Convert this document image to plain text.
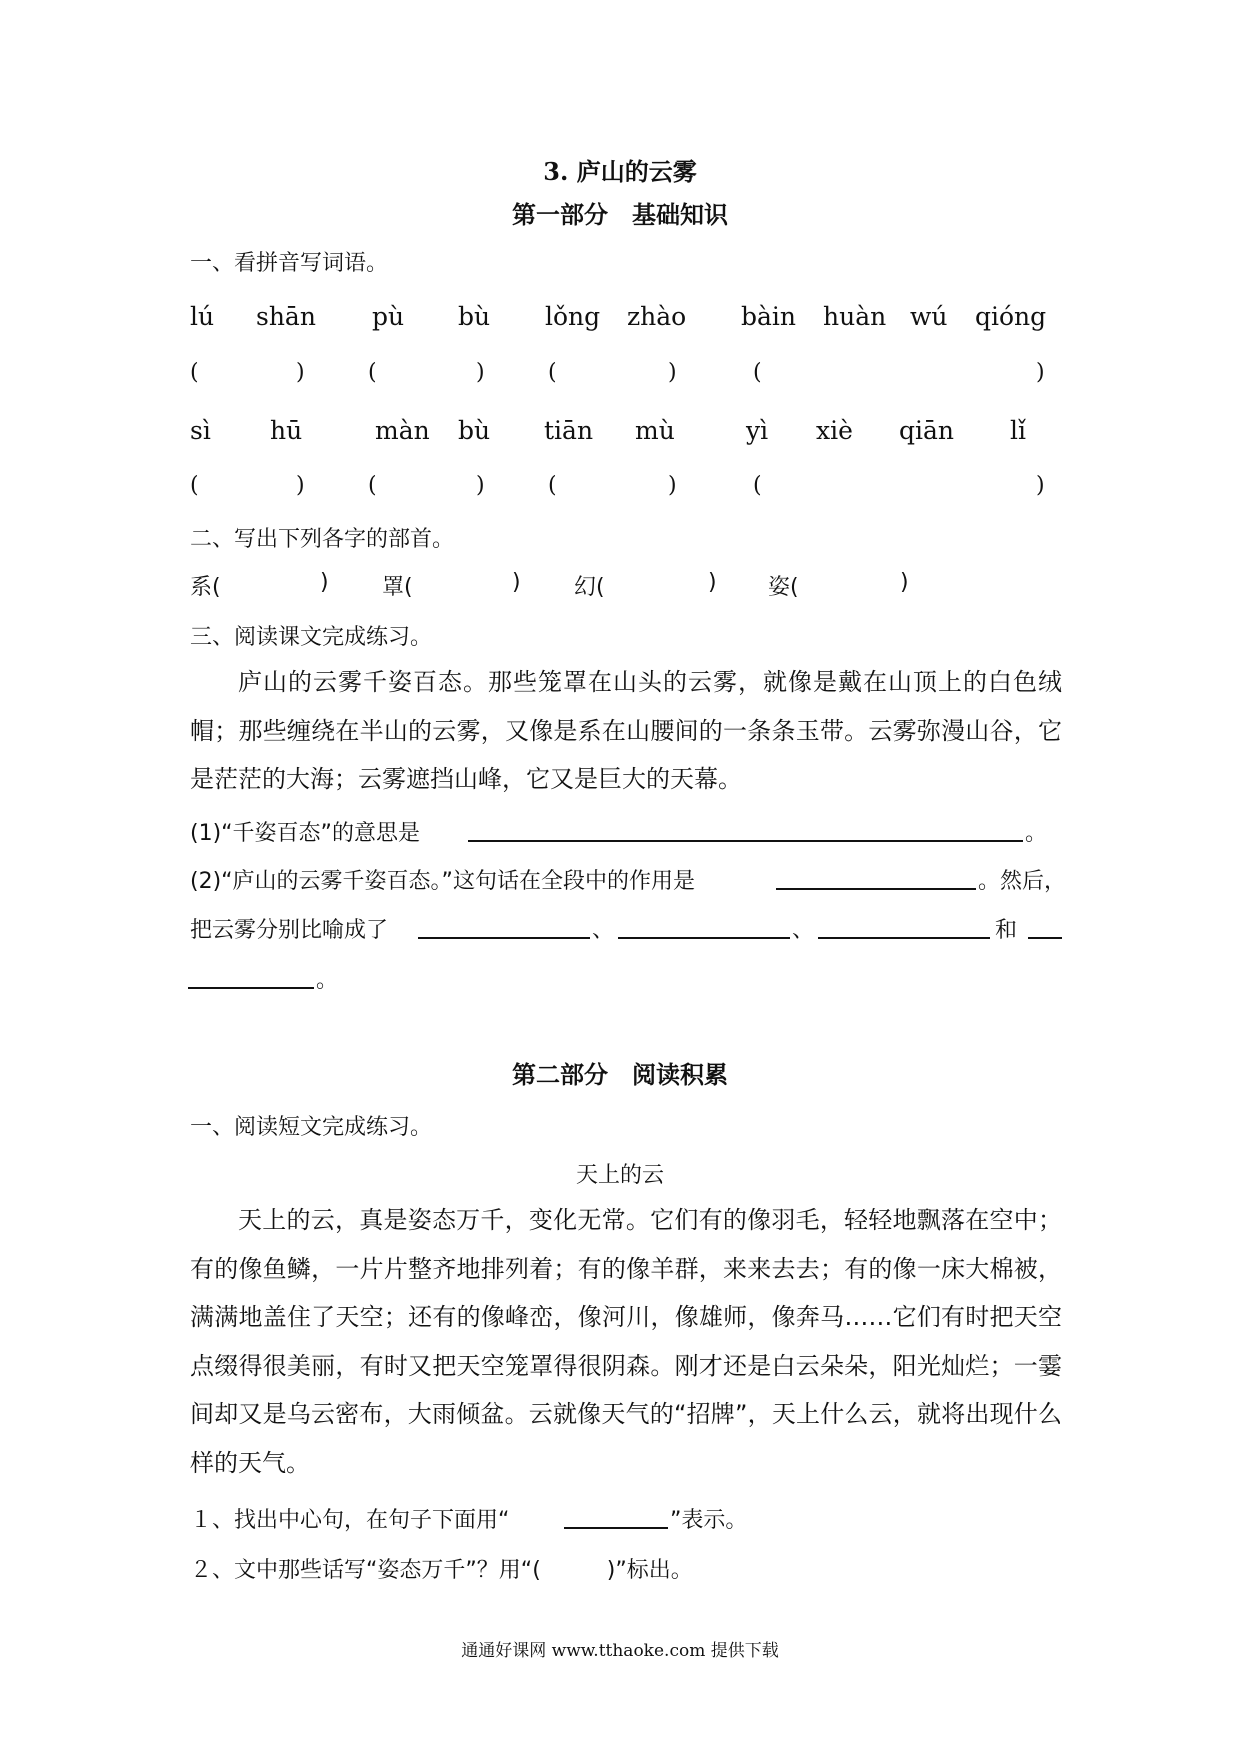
3. 庐山的云雾
第一部分　基础知识
一、看拼音写词语。
lú shān pù bù lǒng zhào bàin huàn wú qióng
(	)	(	)	(	)	(	)
sì hū	màn bù tiān mù	yì xiè qiān lǐ
(	)	(	)	(	)	(	)
二、写出下列各字的部首。
系(	) 罩(	) 幻(	) 姿(	)
三、阅读课文完成练习。
庐山的云雾千姿百态。那些笼罩在山头的云雾，就像是戴在山顶上的白色绒帽；那些缠绕在半山的云雾，又像是系在山腰间的一条条玉带。云雾弥漫山谷，它是茫茫的大海；云雾遮挡山峰，它又是巨大的天幕。
(1)“千姿百态”的意思是	。
(2)“庐山的云雾千姿百态。”这句话在全段中的作用是	。然后，
把云雾分别比喻成了	、	、	和
。
第二部分　阅读积累
一、阅读短文完成练习。
天上的云
天上的云，真是姿态万千，变化无常。它们有的像羽毛，轻轻地飘落在空中；有的像鱼鳞，一片片整齐地排列着；有的像羊群，来来去去；有的像一床大棉被，满满地盖住了天空；还有的像峰峦，像河川，像雄师，像奔马……它们有时把天空点缀得很美丽，有时又把天空笼罩得很阴森。刚才还是白云朵朵，阳光灿烂；一霎间却又是乌云密布，大雨倾盆。云就像天气的“招牌”，天上什么云，就将出现什么样的天气。
１、找出中心句，在句子下面用“	”表示。
２、文中那些话写“姿态万千”？用“(　　　)”标出。
通通好课网 www.tthaoke.com 提供下载
